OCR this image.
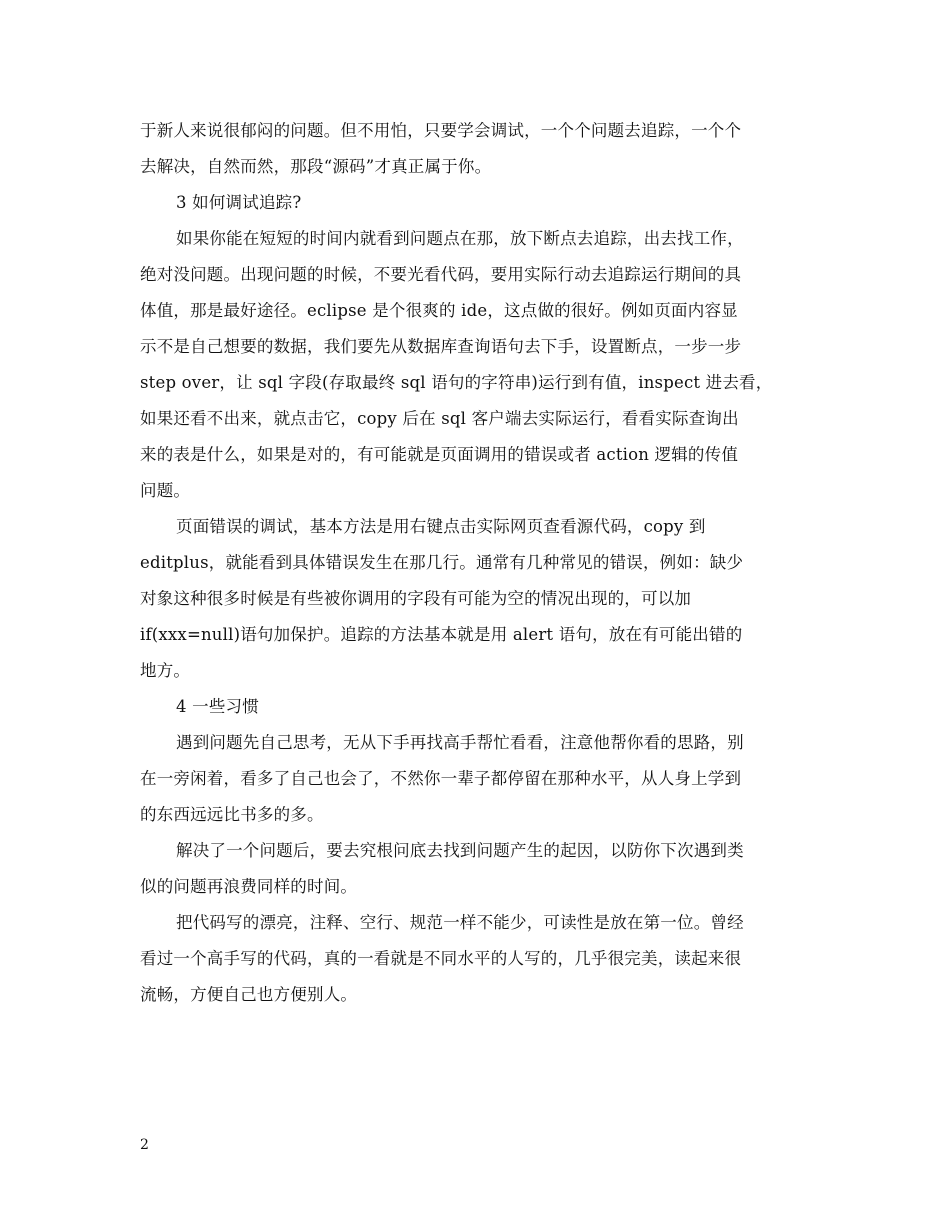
于新人来说很郁闷的问题。但不用怕，只要学会调试，一个个问题去追踪，一个个
去解决，自然而然，那段“源码”才真正属于你。
3 如何调试追踪?
如果你能在短短的时间内就看到问题点在那，放下断点去追踪，出去找工作，
绝对没问题。出现问题的时候，不要光看代码，要用实际行动去追踪运行期间的具
体值，那是最好途径。eclipse 是个很爽的 ide，这点做的很好。例如页面内容显
示不是自己想要的数据，我们要先从数据库查询语句去下手，设置断点，一步一步
step over，让 sql 字段(存取最终 sql 语句的字符串)运行到有值，inspect 进去看，
如果还看不出来，就点击它，copy 后在 sql 客户端去实际运行，看看实际查询出
来的表是什么，如果是对的，有可能就是页面调用的错误或者 action 逻辑的传值
问题。
页面错误的调试，基本方法是用右键点击实际网页查看源代码，copy 到
editplus，就能看到具体错误发生在那几行。通常有几种常见的错误，例如：缺少
对象这种很多时候是有些被你调用的字段有可能为空的情况出现的，可以加
if(xxx=null)语句加保护。追踪的方法基本就是用 alert 语句，放在有可能出错的
地方。
4 一些习惯
遇到问题先自己思考，无从下手再找高手帮忙看看，注意他帮你看的思路，别
在一旁闲着，看多了自己也会了，不然你一辈子都停留在那种水平，从人身上学到
的东西远远比书多的多。
解决了一个问题后，要去究根问底去找到问题产生的起因，以防你下次遇到类
似的问题再浪费同样的时间。
把代码写的漂亮，注释、空行、规范一样不能少，可读性是放在第一位。曾经
看过一个高手写的代码，真的一看就是不同水平的人写的，几乎很完美，读起来很
流畅，方便自己也方便别人。
2
